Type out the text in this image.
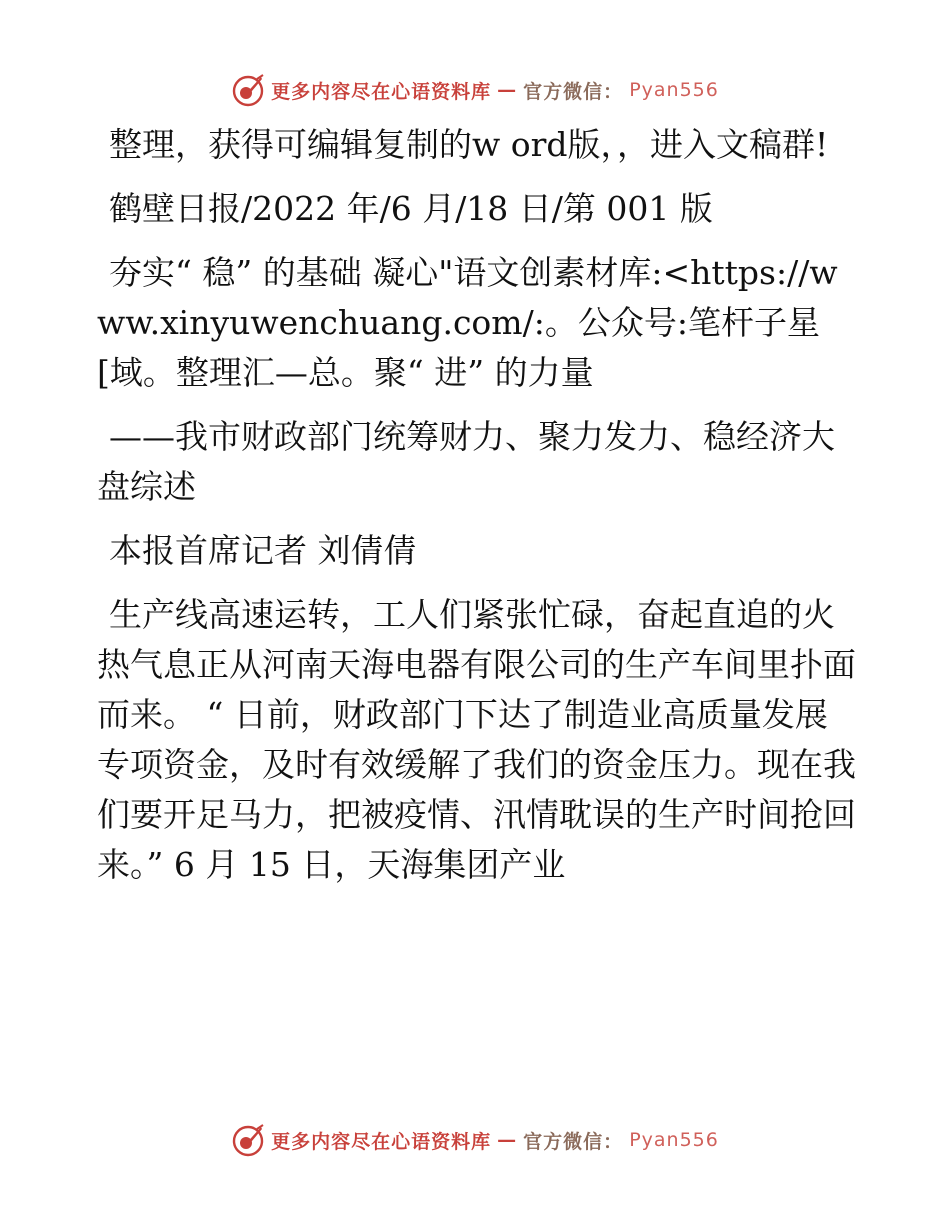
更多内容尽在心语资料库 — 官方微信： Pyan556

整理，获得可编辑复制的w ord版，，进入文稿群!

鹤壁日报/2022 年/6 月/18 日/第 001 版

夯实“ 稳” 的基础 凝心"语文创素材库:<https://www.xinyuwenchuang.com/:。公众号:笔杆子星[域。整理汇—总。聚“ 进” 的力量

——我市财政部门统筹财力、聚力发力、稳经济大盘综述

本报首席记者 刘倩倩

生产线高速运转，工人们紧张忙碌，奋起直追的火热气息正从河南天海电器有限公司的生产车间里扑面而来。 “ 日前，财政部门下达了制造业高质量发展专项资金，及时有效缓解了我们的资金压力。现在我们要开足马力，把被疫情、汛情耽误的生产时间抢回来。” 6 月 15 日，天海集团产业

更多内容尽在心语资料库 — 官方微信： Pyan556
